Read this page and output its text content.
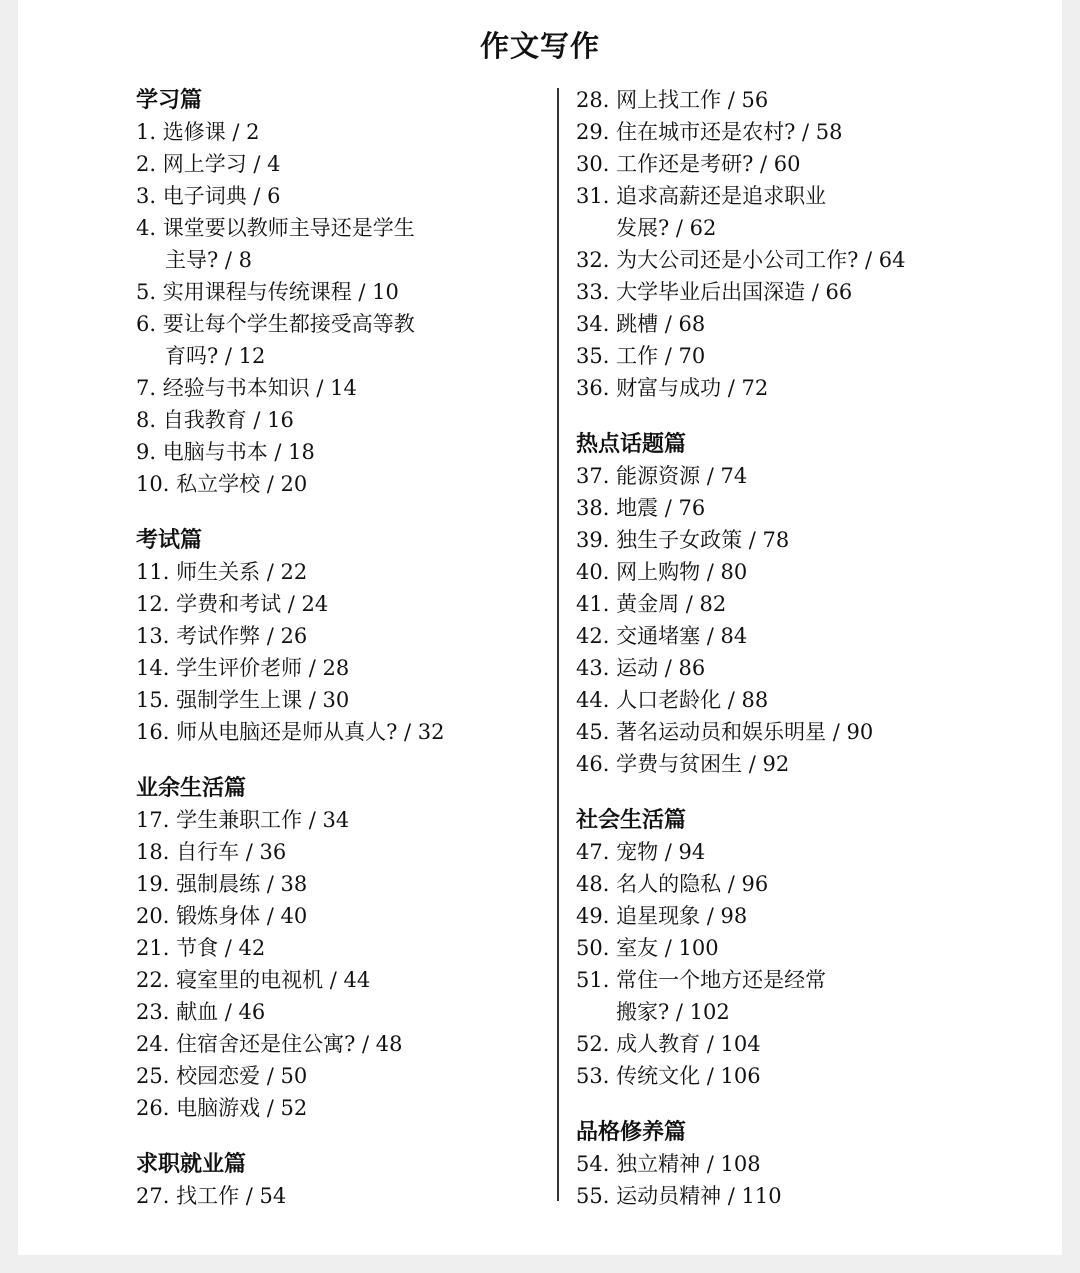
作文写作
学习篇
1. 选修课 / 2
2. 网上学习 / 4
3. 电子词典 / 6
4. 课堂要以教师主导还是学生
主导? / 8
5. 实用课程与传统课程 / 10
6. 要让每个学生都接受高等教
育吗? / 12
7. 经验与书本知识 / 14
8. 自我教育 / 16
9. 电脑与书本 / 18
10. 私立学校 / 20
考试篇
11. 师生关系 / 22
12. 学费和考试 / 24
13. 考试作弊 / 26
14. 学生评价老师 / 28
15. 强制学生上课 / 30
16. 师从电脑还是师从真人? / 32
业余生活篇
17. 学生兼职工作 / 34
18. 自行车 / 36
19. 强制晨练 / 38
20. 锻炼身体 / 40
21. 节食 / 42
22. 寝室里的电视机 / 44
23. 献血 / 46
24. 住宿舍还是住公寓? / 48
25. 校园恋爱 / 50
26. 电脑游戏 / 52
求职就业篇
27. 找工作 / 54
28. 网上找工作 / 56
29. 住在城市还是农村? / 58
30. 工作还是考研? / 60
31. 追求高薪还是追求职业
发展? / 62
32. 为大公司还是小公司工作? / 64
33. 大学毕业后出国深造 / 66
34. 跳槽 / 68
35. 工作 / 70
36. 财富与成功 / 72
热点话题篇
37. 能源资源 / 74
38. 地震 / 76
39. 独生子女政策 / 78
40. 网上购物 / 80
41. 黄金周 / 82
42. 交通堵塞 / 84
43. 运动 / 86
44. 人口老龄化 / 88
45. 著名运动员和娱乐明星 / 90
46. 学费与贫困生 / 92
社会生活篇
47. 宠物 / 94
48. 名人的隐私 / 96
49. 追星现象 / 98
50. 室友 / 100
51. 常住一个地方还是经常
搬家? / 102
52. 成人教育 / 104
53. 传统文化 / 106
品格修养篇
54. 独立精神 / 108
55. 运动员精神 / 110
